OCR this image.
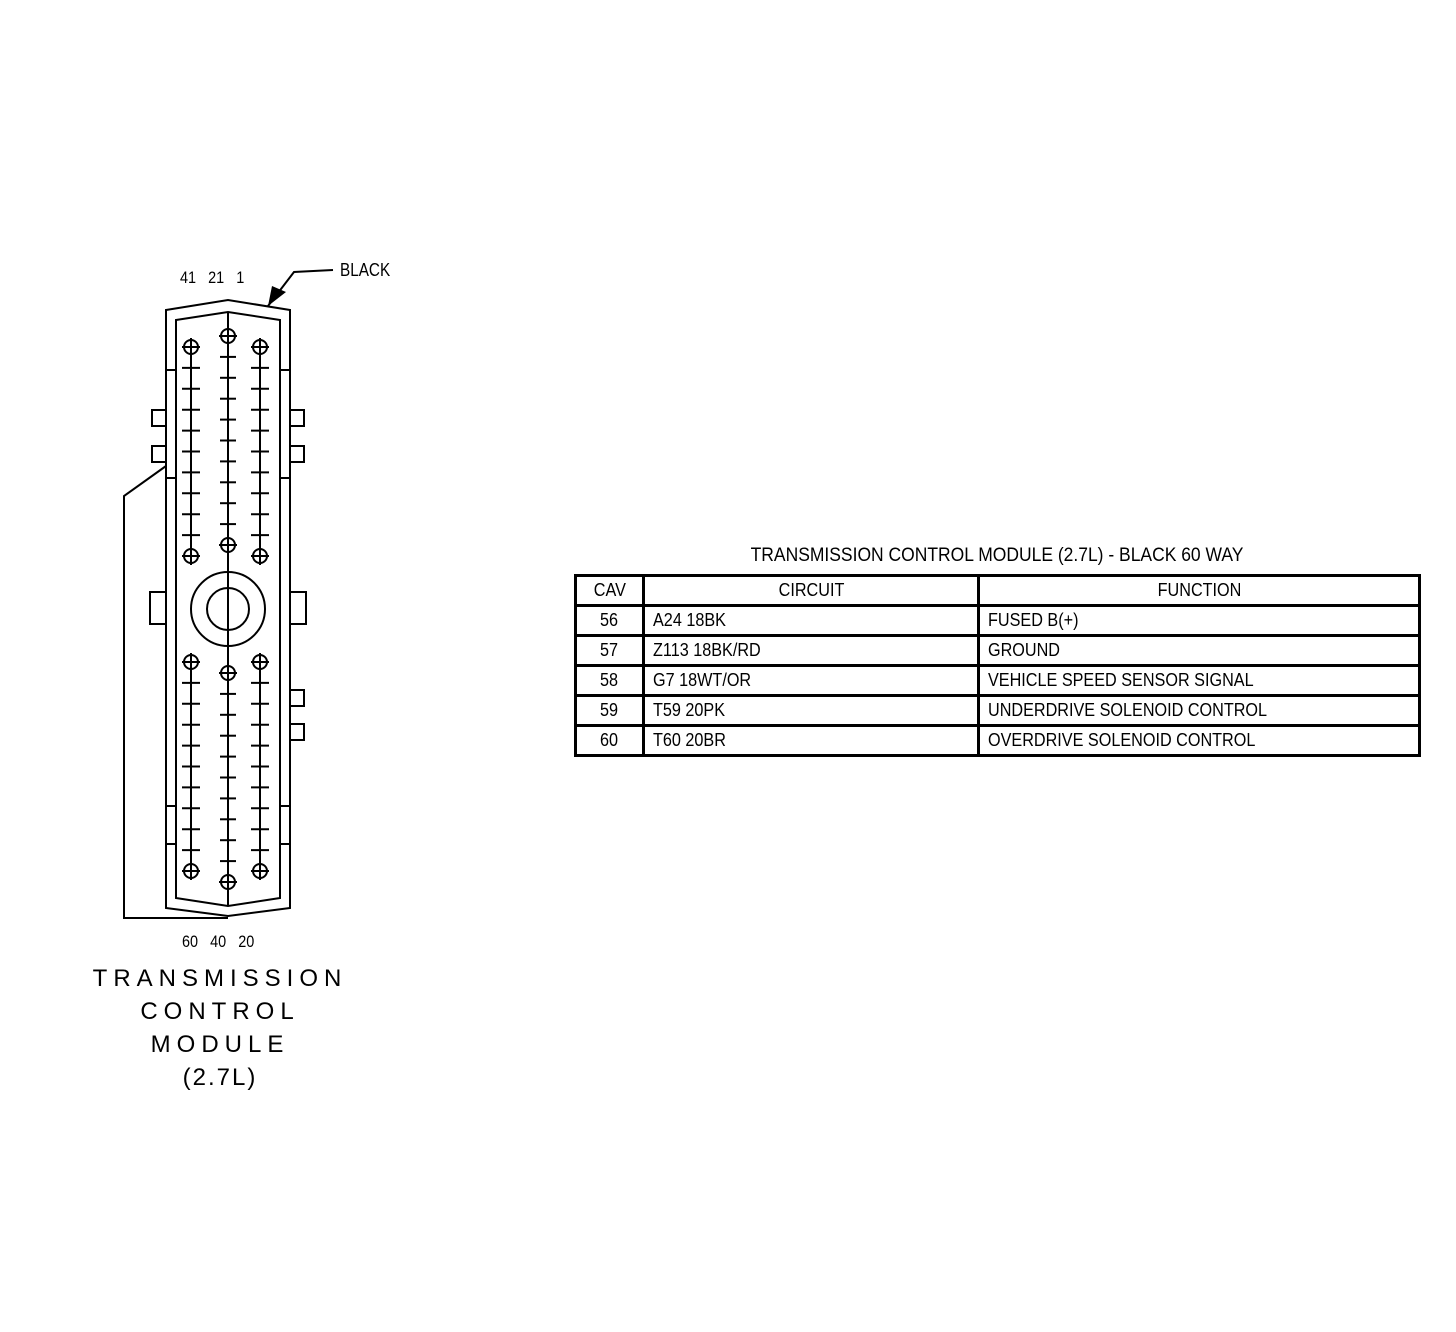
41 21 1	BLACK
60 40 20
TRANSMISSION
CONTROL
MODULE
(2.7L)
TRANSMISSION CONTROL MODULE (2.7L) - BLACK 60 WAY
CAV	CIRCUIT	FUNCTION
56	A24 18BK	FUSED B(+)
57	Z113 18BK/RD	GROUND
58	G7 18WT/OR	VEHICLE SPEED SENSOR SIGNAL
59	T59 20PK	UNDERDRIVE SOLENOID CONTROL
60	T60 20BR	OVERDRIVE SOLENOID CONTROL
